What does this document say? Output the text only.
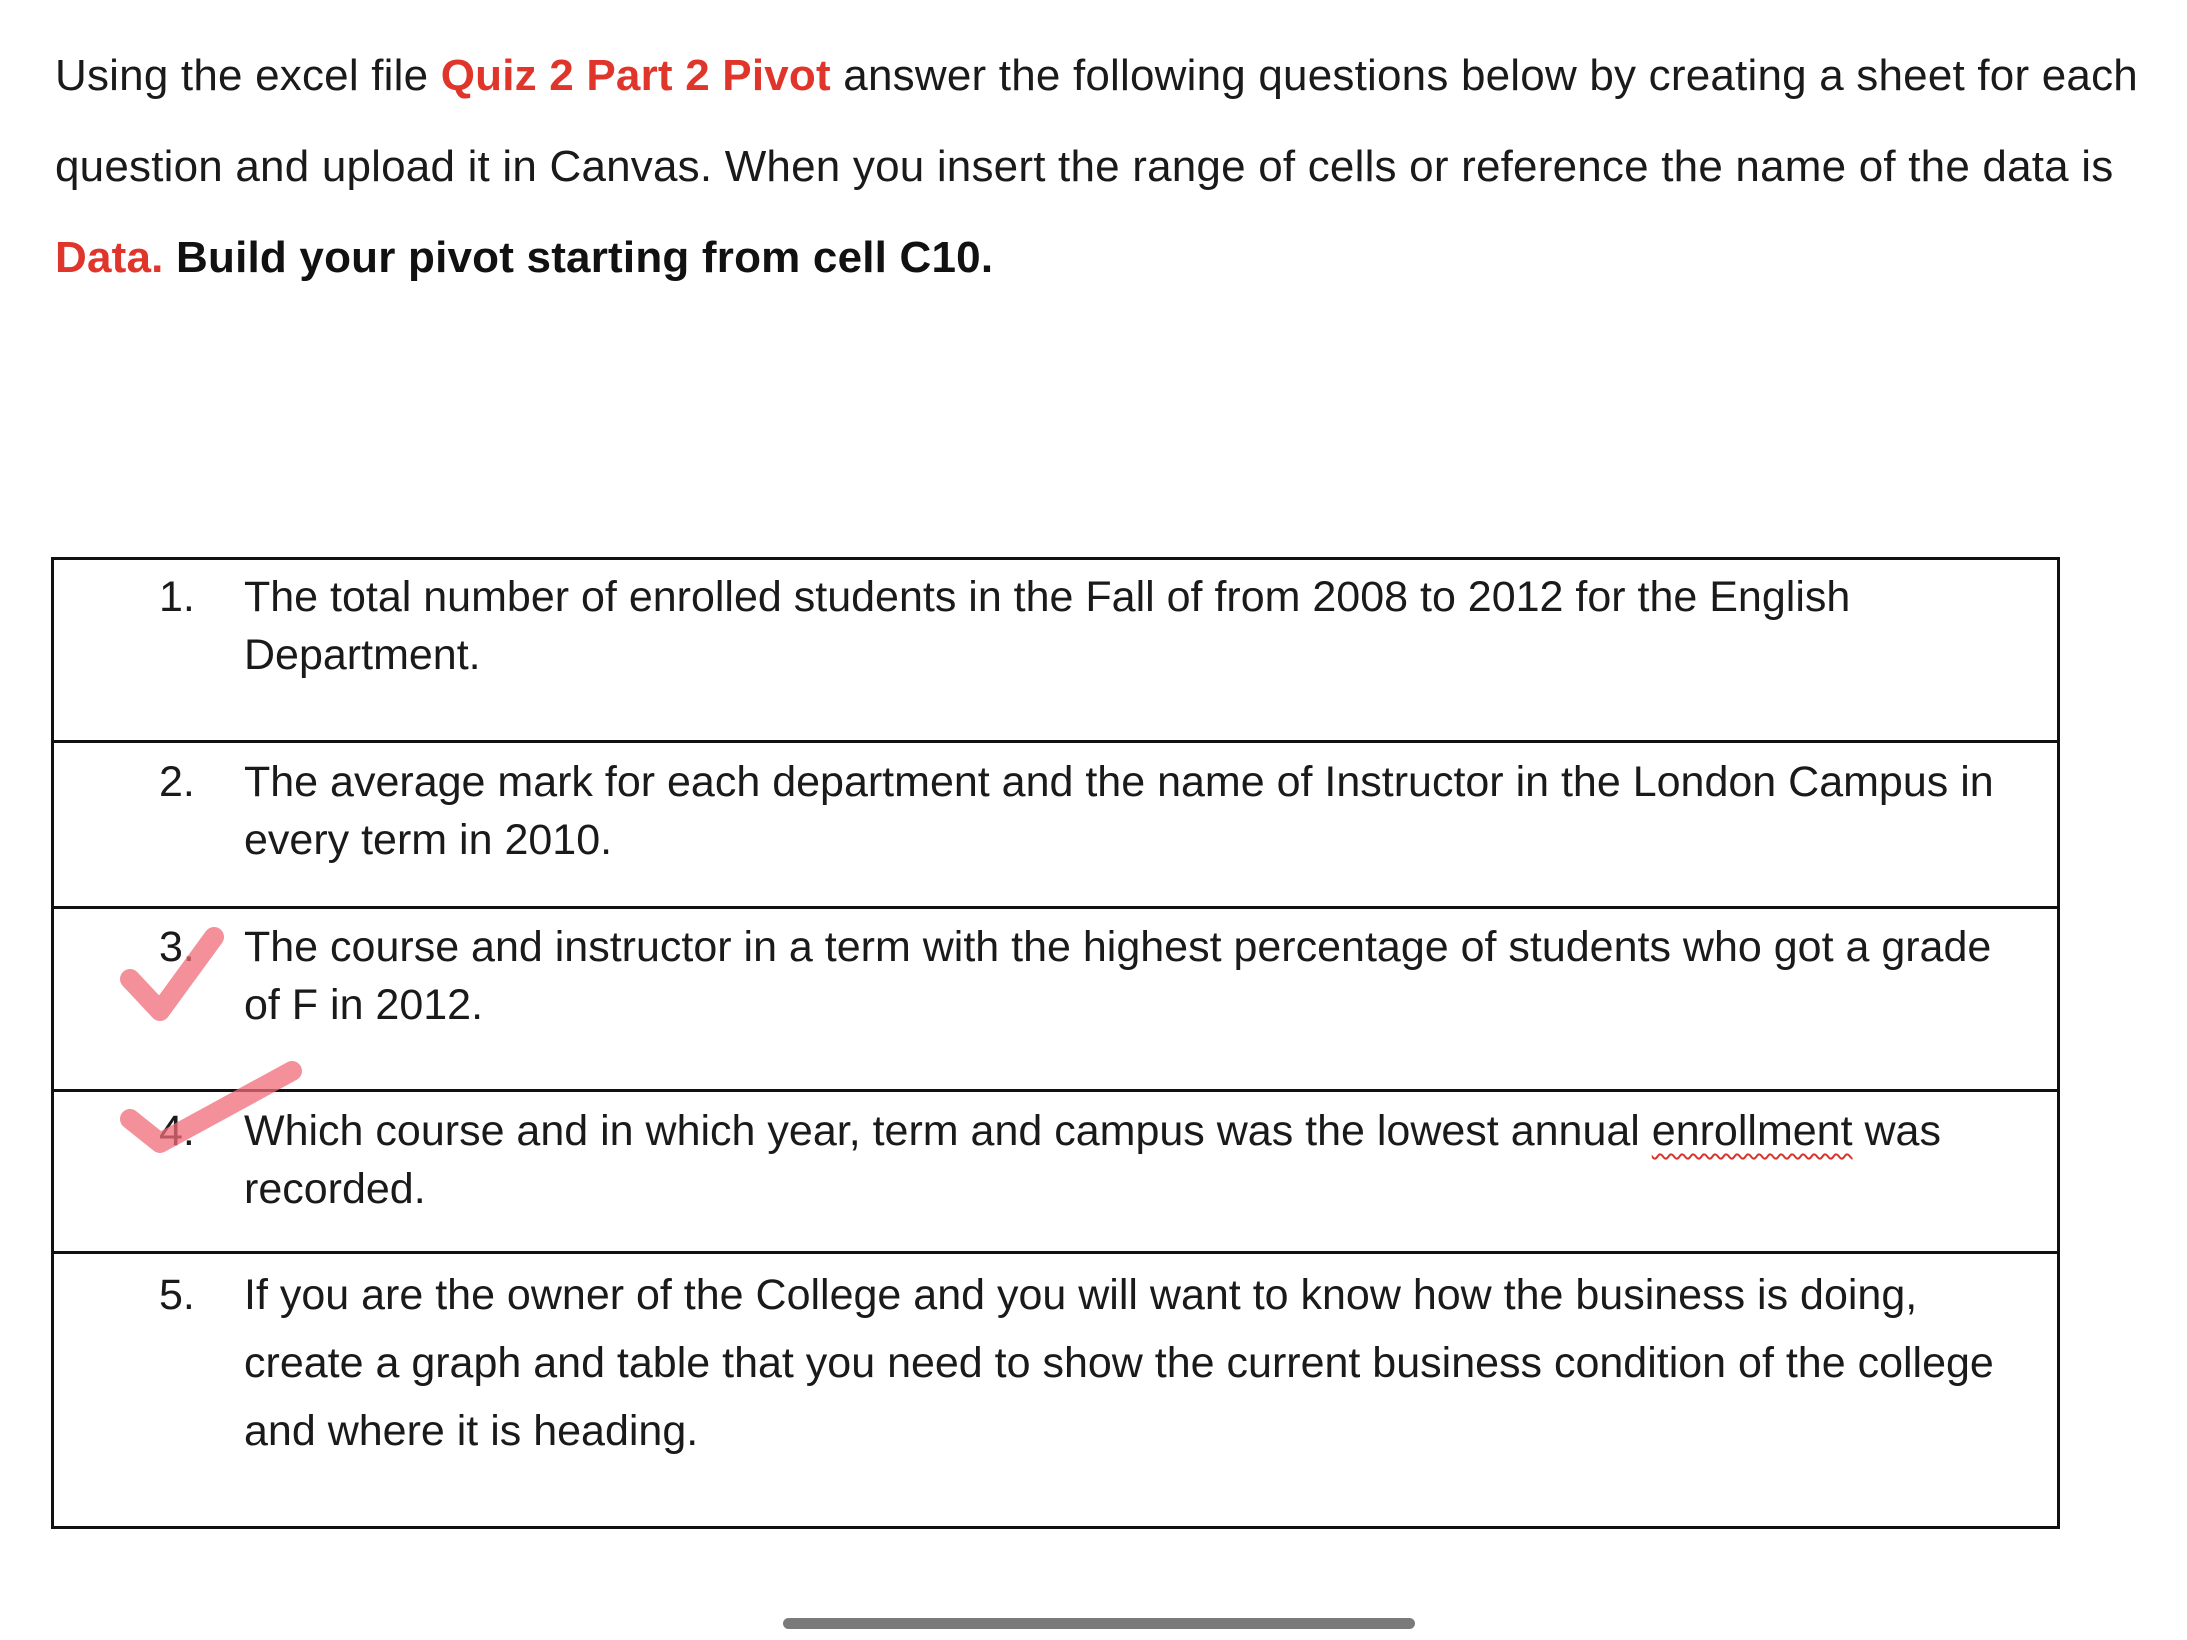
Using the excel file Quiz 2 Part 2 Pivot answer the following questions below by creating a sheet for each
question and upload it in Canvas. When you insert the range of cells or reference the name of the data is
Data. Build your pivot starting from cell C10.
1. The total number of enrolled students in the Fall of from 2008 to 2012 for the English Department.
2. The average mark for each department and the name of Instructor in the London Campus in every term in 2010.
3. The course and instructor in a term with the highest percentage of students who got a grade of F in 2012.
4. Which course and in which year, term and campus was the lowest annual enrollment was recorded.
5. If you are the owner of the College and you will want to know how the business is doing, create a graph and table that you need to show the current business condition of the college and where it is heading.
